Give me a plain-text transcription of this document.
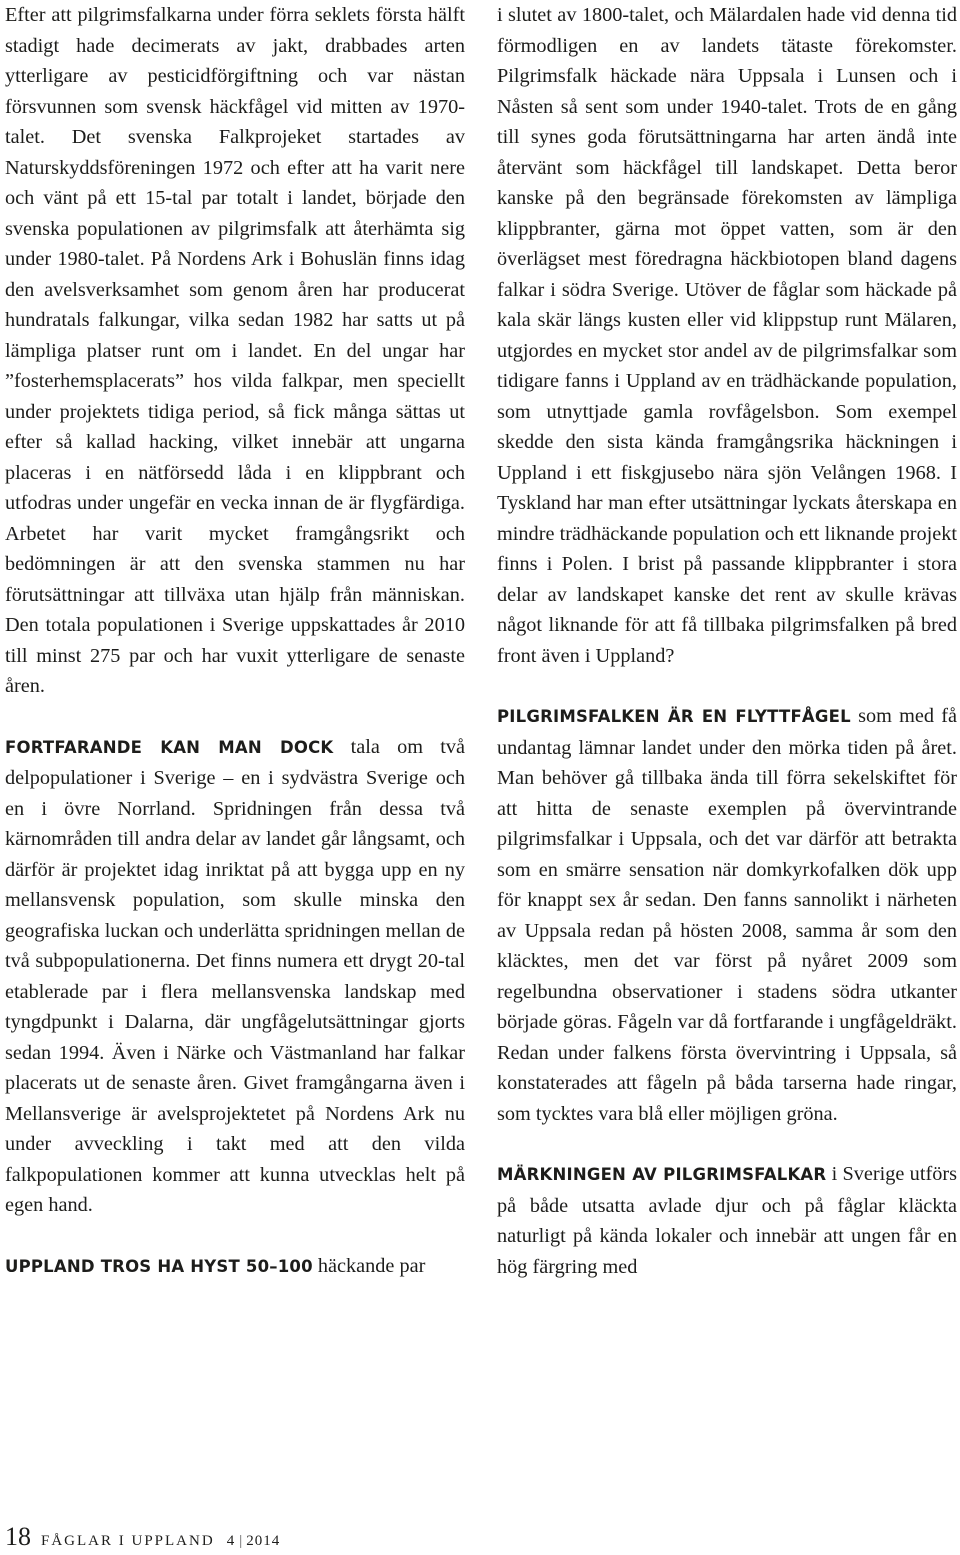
Efter att pilgrimsfalkarna under förra seklets första hälft stadigt hade decimerats av jakt, drabbades arten ytterligare av pesticidförgiftning och var nästan försvunnen som svensk häckfågel vid mitten av 1970-talet. Det svenska Falkprojeket startades av Naturskyddsföreningen 1972 och efter att ha varit nere och vänt på ett 15-tal par totalt i landet, började den svenska populationen av pilgrimsfalk att återhämta sig under 1980-talet. På Nordens Ark i Bohuslän finns idag den avelsverksamhet som genom åren har producerat hundratals falkungar, vilka sedan 1982 har satts ut på lämpliga platser runt om i landet. En del ungar har ”fosterhemsplacerats” hos vilda falkpar, men speciellt under projektets tidiga period, så fick många sättas ut efter så kallad hacking, vilket innebär att ungarna placeras i en nätförsedd låda i en klippbrant och utfodras under ungefär en vecka innan de är flygfärdiga. Arbetet har varit mycket framgångsrikt och bedömningen är att den svenska stammen nu har förutsättningar att tillväxa utan hjälp från människan. Den totala populationen i Sverige uppskattades år 2010 till minst 275 par och har vuxit ytterligare de senaste åren.

FORTFARANDE KAN MAN DOCK tala om två delpopulationer i Sverige – en i sydvästra Sverige och en i övre Norrland. Spridningen från dessa två kärnområden till andra delar av landet går långsamt, och därför är projektet idag inriktat på att bygga upp en ny mellansvensk population, som skulle minska den geografiska luckan och underlätta spridningen mellan de två subpopulationerna. Det finns numera ett drygt 20-tal etablerade par i flera mellansvenska landskap med tyngdpunkt i Dalarna, där ungfågelutsättningar gjorts sedan 1994. Även i Närke och Västmanland har falkar placerats ut de senaste åren. Givet framgångarna även i Mellansverige är avelsprojektetet på Nordens Ark nu under avveckling i takt med att den vilda falkpopulationen kommer att kunna utvecklas helt på egen hand.

UPPLAND TROS HA HYST 50–100 häckande par

i slutet av 1800-talet, och Mälardalen hade vid denna tid förmodligen en av landets tätaste förekomster. Pilgrimsfalk häckade nära Uppsala i Lunsen och i Nåsten så sent som under 1940-talet. Trots de en gång till synes goda förutsättningarna har arten ändå inte återvänt som häckfågel till landskapet. Detta beror kanske på den begränsade förekomsten av lämpliga klippbranter, gärna mot öppet vatten, som är den överlägset mest föredragna häckbiotopen bland dagens falkar i södra Sverige. Utöver de fåglar som häckade på kala skär längs kusten eller vid klippstup runt Mälaren, utgjordes en mycket stor andel av de pilgrimsfalkar som tidigare fanns i Uppland av en trädhäckande population, som utnyttjade gamla rovfågelsbon. Som exempel skedde den sista kända framgångsrika häckningen i Uppland i ett fiskgjusebo nära sjön Velången 1968. I Tyskland har man efter utsättningar lyckats återskapa en mindre trädhäckande population och ett liknande projekt finns i Polen. I brist på passande klippbranter i stora delar av landskapet kanske det rent av skulle krävas något liknande för att få tillbaka pilgrimsfalken på bred front även i Uppland?

PILGRIMSFALKEN ÄR EN FLYTTFÅGEL som med få undantag lämnar landet under den mörka tiden på året. Man behöver gå tillbaka ända till förra sekelskiftet för att hitta de senaste exemplen på övervintrande pilgrimsfalkar i Uppsala, och det var därför att betrakta som en smärre sensation när domkyrkofalken dök upp för knappt sex år sedan. Den fanns sannolikt i närheten av Uppsala redan på hösten 2008, samma år som den kläcktes, men det var först på nyåret 2009 som regelbundna observationer i stadens södra utkanter började göras. Fågeln var då fortfarande i ungfågeldräkt. Redan under falkens första övervintring i Uppsala, så konstaterades att fågeln på båda tarserna hade ringar, som tycktes vara blå eller möjligen gröna.

MÄRKNINGEN AV PILGRIMSFALKAR i Sverige utförs på både utsatta avlade djur och på fåglar kläckta naturligt på kända lokaler och innebär att ungen får en hög färgring med

18 FÅGLAR I UPPLAND 4 | 2014
